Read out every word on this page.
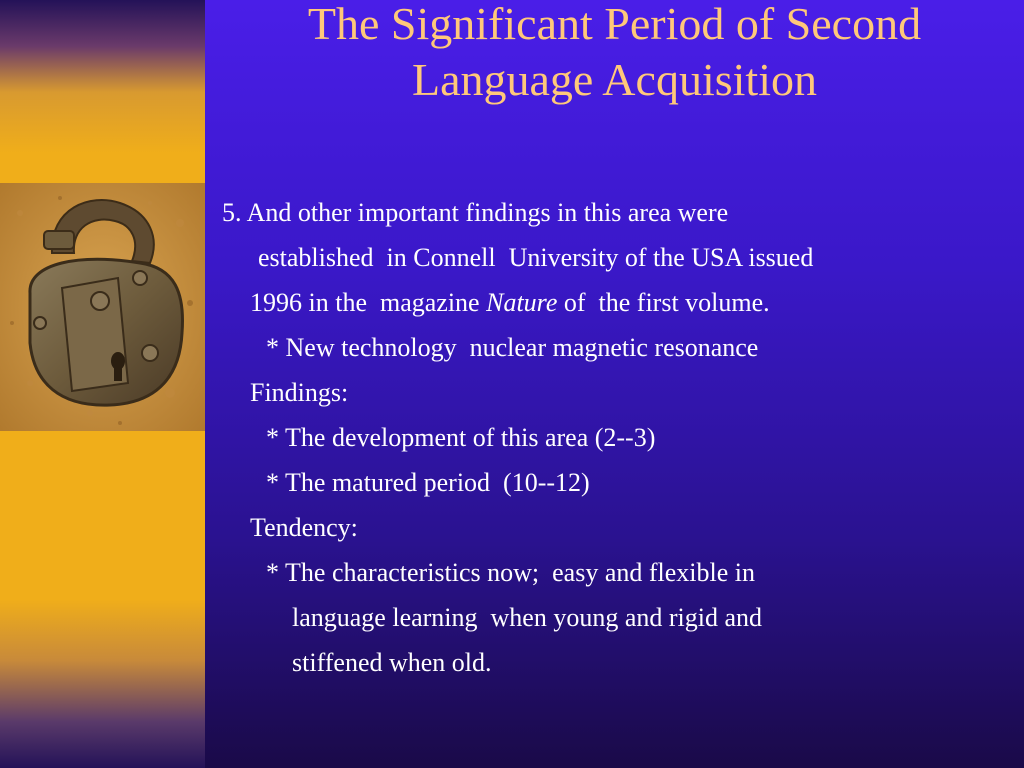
The Significant Period of Second
Language Acquisition
5. And other important findings in this area were
established  in Connell  University of the USA issued
1996 in the  magazine Nature of  the first volume.
* New technology  nuclear magnetic resonance
Findings:
* The development of this area (2--3)
* The matured period  (10--12)
Tendency:
* The characteristics now;  easy and flexible in
language learning  when young and rigid and
stiffened when old.
